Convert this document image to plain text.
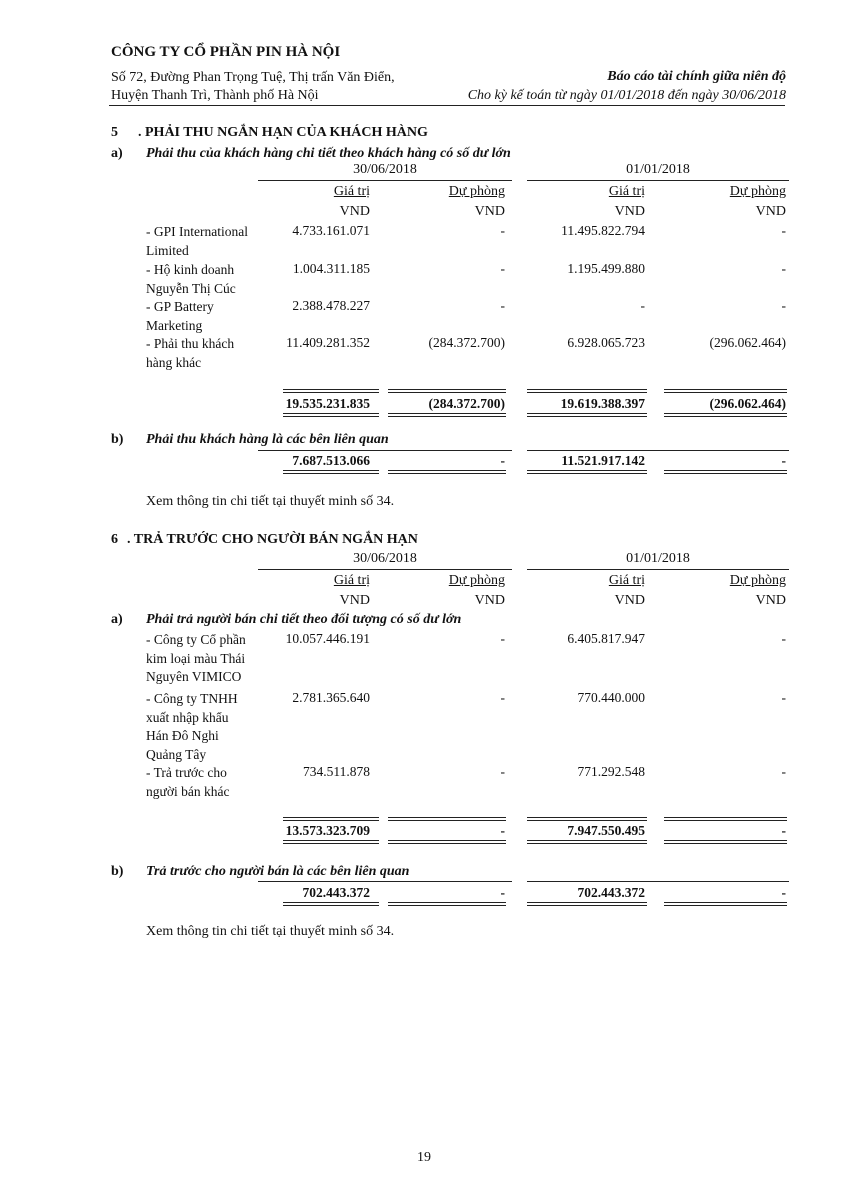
CÔNG TY CỔ PHẦN PIN HÀ NỘI
Số 72, Đường Phan Trọng Tuệ, Thị trấn Văn Điển,
Huyện Thanh Trì, Thành phố Hà Nội
Báo cáo tài chính giữa niên độ
Cho kỳ kế toán từ ngày 01/01/2018 đến ngày 30/06/2018
5 . PHẢI THU NGẮN HẠN CỦA KHÁCH HÀNG
a) Phải thu của khách hàng chi tiết theo khách hàng có số dư lớn
30/06/2018	01/01/2018
Giá trị	Dự phòng	Giá trị	Dự phòng
VND	VND	VND	VND
- GPI International Limited
4.733.161.071	-	11.495.822.794	-
- Hộ kinh doanh Nguyễn Thị Cúc
1.004.311.185	-	1.195.499.880	-
- GP Battery Marketing
2.388.478.227	-	-	-
- Phải thu khách hàng khác
11.409.281.352	(284.372.700)	6.928.065.723	(296.062.464)
19.535.231.835	(284.372.700)	19.619.388.397	(296.062.464)
b) Phải thu khách hàng là các bên liên quan
7.687.513.066	-	11.521.917.142	-
Xem thông tin chi tiết tại thuyết minh số 34.
6 . TRẢ TRƯỚC CHO NGƯỜI BÁN NGẮN HẠN
30/06/2018	01/01/2018
Giá trị	Dự phòng	Giá trị	Dự phòng
VND	VND	VND	VND
a) Phải trả người bán chi tiết theo đối tượng có số dư lớn
- Công ty Cổ phần kim loại màu Thái Nguyên VIMICO
10.057.446.191	-	6.405.817.947	-
- Công ty TNHH xuất nhập khẩu Hán Đô Nghi Quảng Tây
2.781.365.640	-	770.440.000	-
- Trả trước cho người bán khác
734.511.878	-	771.292.548	-
13.573.323.709	-	7.947.550.495	-
b) Trả trước cho người bán là các bên liên quan
702.443.372	-	702.443.372	-
Xem thông tin chi tiết tại thuyết minh số 34.
19
